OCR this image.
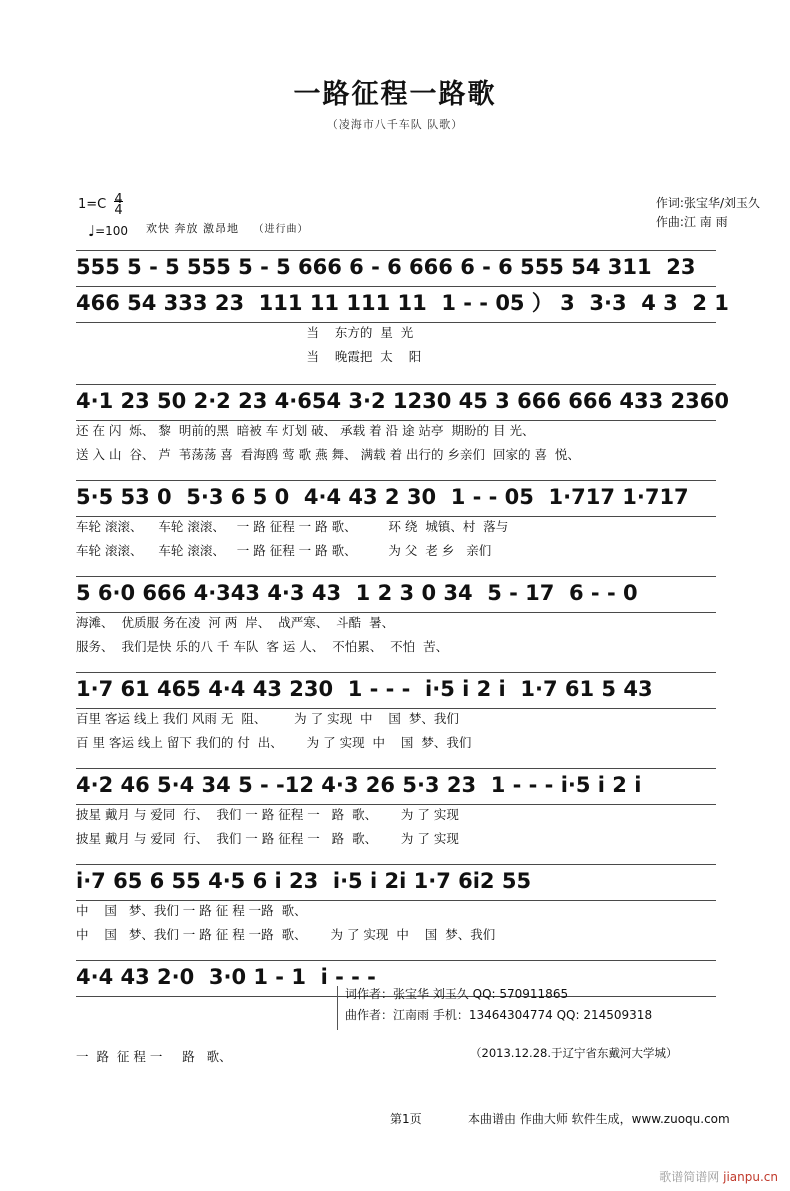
一路征程一路歌
（凌海市八千车队 队歌）
作词:张宝华/刘玉久
作曲:江 南 雨
1=C 4
4
♩=100 欢快 奔放 激昂地 （进行曲）
555 5 - 5 555 5 - 5 666 6 - 6 666 6 - 6 555 54 311  23
466 54 333 23  111 11 111 11  1 - - 05 ） 3  3·3  4 3  2 1
当    东方的  星  光
当    晚霞把  太    阳
4·1 23 50 2·2 23 4·654 3·2 1230 45 3 666 666 433 2360
还 在 闪  烁、 黎  明前的黑  暗被 车 灯划 破、 承载 着 沿 途 站亭  期盼的 目 光、
送 入 山  谷、 芦  苇荡荡 喜  看海鸥 莺 歌 燕 舞、 满载 着 出行的 乡亲们  回家的 喜  悦、
5·5 53 0  5·3 6 5 0  4·4 43 2 30  1 - - 05  1·717 1·717
车轮 滚滚、    车轮 滚滚、   一 路 征程 一 路 歌、        环 绕  城镇、村  落与
车轮 滚滚、    车轮 滚滚、   一 路 征程 一 路 歌、        为 父  老 乡   亲们
5 6·0 666 4·343 4·3 43  1 2 3 0 34  5 - 17  6 - - 0
海滩、  优质服 务在凌  河 两  岸、  战严寒、  斗酷  暑、
服务、  我们是快 乐的八 千 车队  客 运 人、  不怕累、  不怕  苦、
1·7 61 465 4·4 43 230  1 - - -  i·5 i 2 i  1·7 61 5 43
百里 客运 线上 我们 风雨 无  阻、       为 了 实现  中    国  梦、我们
百 里 客运 线上 留下 我们的 付  出、      为 了 实现  中    国  梦、我们
4·2 46 5·4 34 5 - -12 4·3 26 5·3 23  1 - - - i·5 i 2 i
披星 戴月 与 爱同  行、  我们 一 路 征程 一   路  歌、      为 了 实现
披星 戴月 与 爱同  行、  我们 一 路 征程 一   路  歌、      为 了 实现
i·7 65 6 55 4·5 6 i 23  i·5 i 2i 1·7 6i2 55
中    国   梦、我们 一 路 征 程 一路  歌、
中    国   梦、我们 一 路 征 程 一路  歌、      为 了 实现  中    国  梦、我们
4·4 43 2·0  3·0 1 - 1  i - - -
一  路  征 程 一     路   歌、
词作者：张宝华 刘玉久 QQ: 570911865
曲作者：江南雨 手机：13464304774 QQ: 214509318
（2013.12.28.于辽宁省东戴河大学城）
第1页	本曲谱由 作曲大师 软件生成，www.zuoqu.com
歌谱简谱网 jianpu.cn
